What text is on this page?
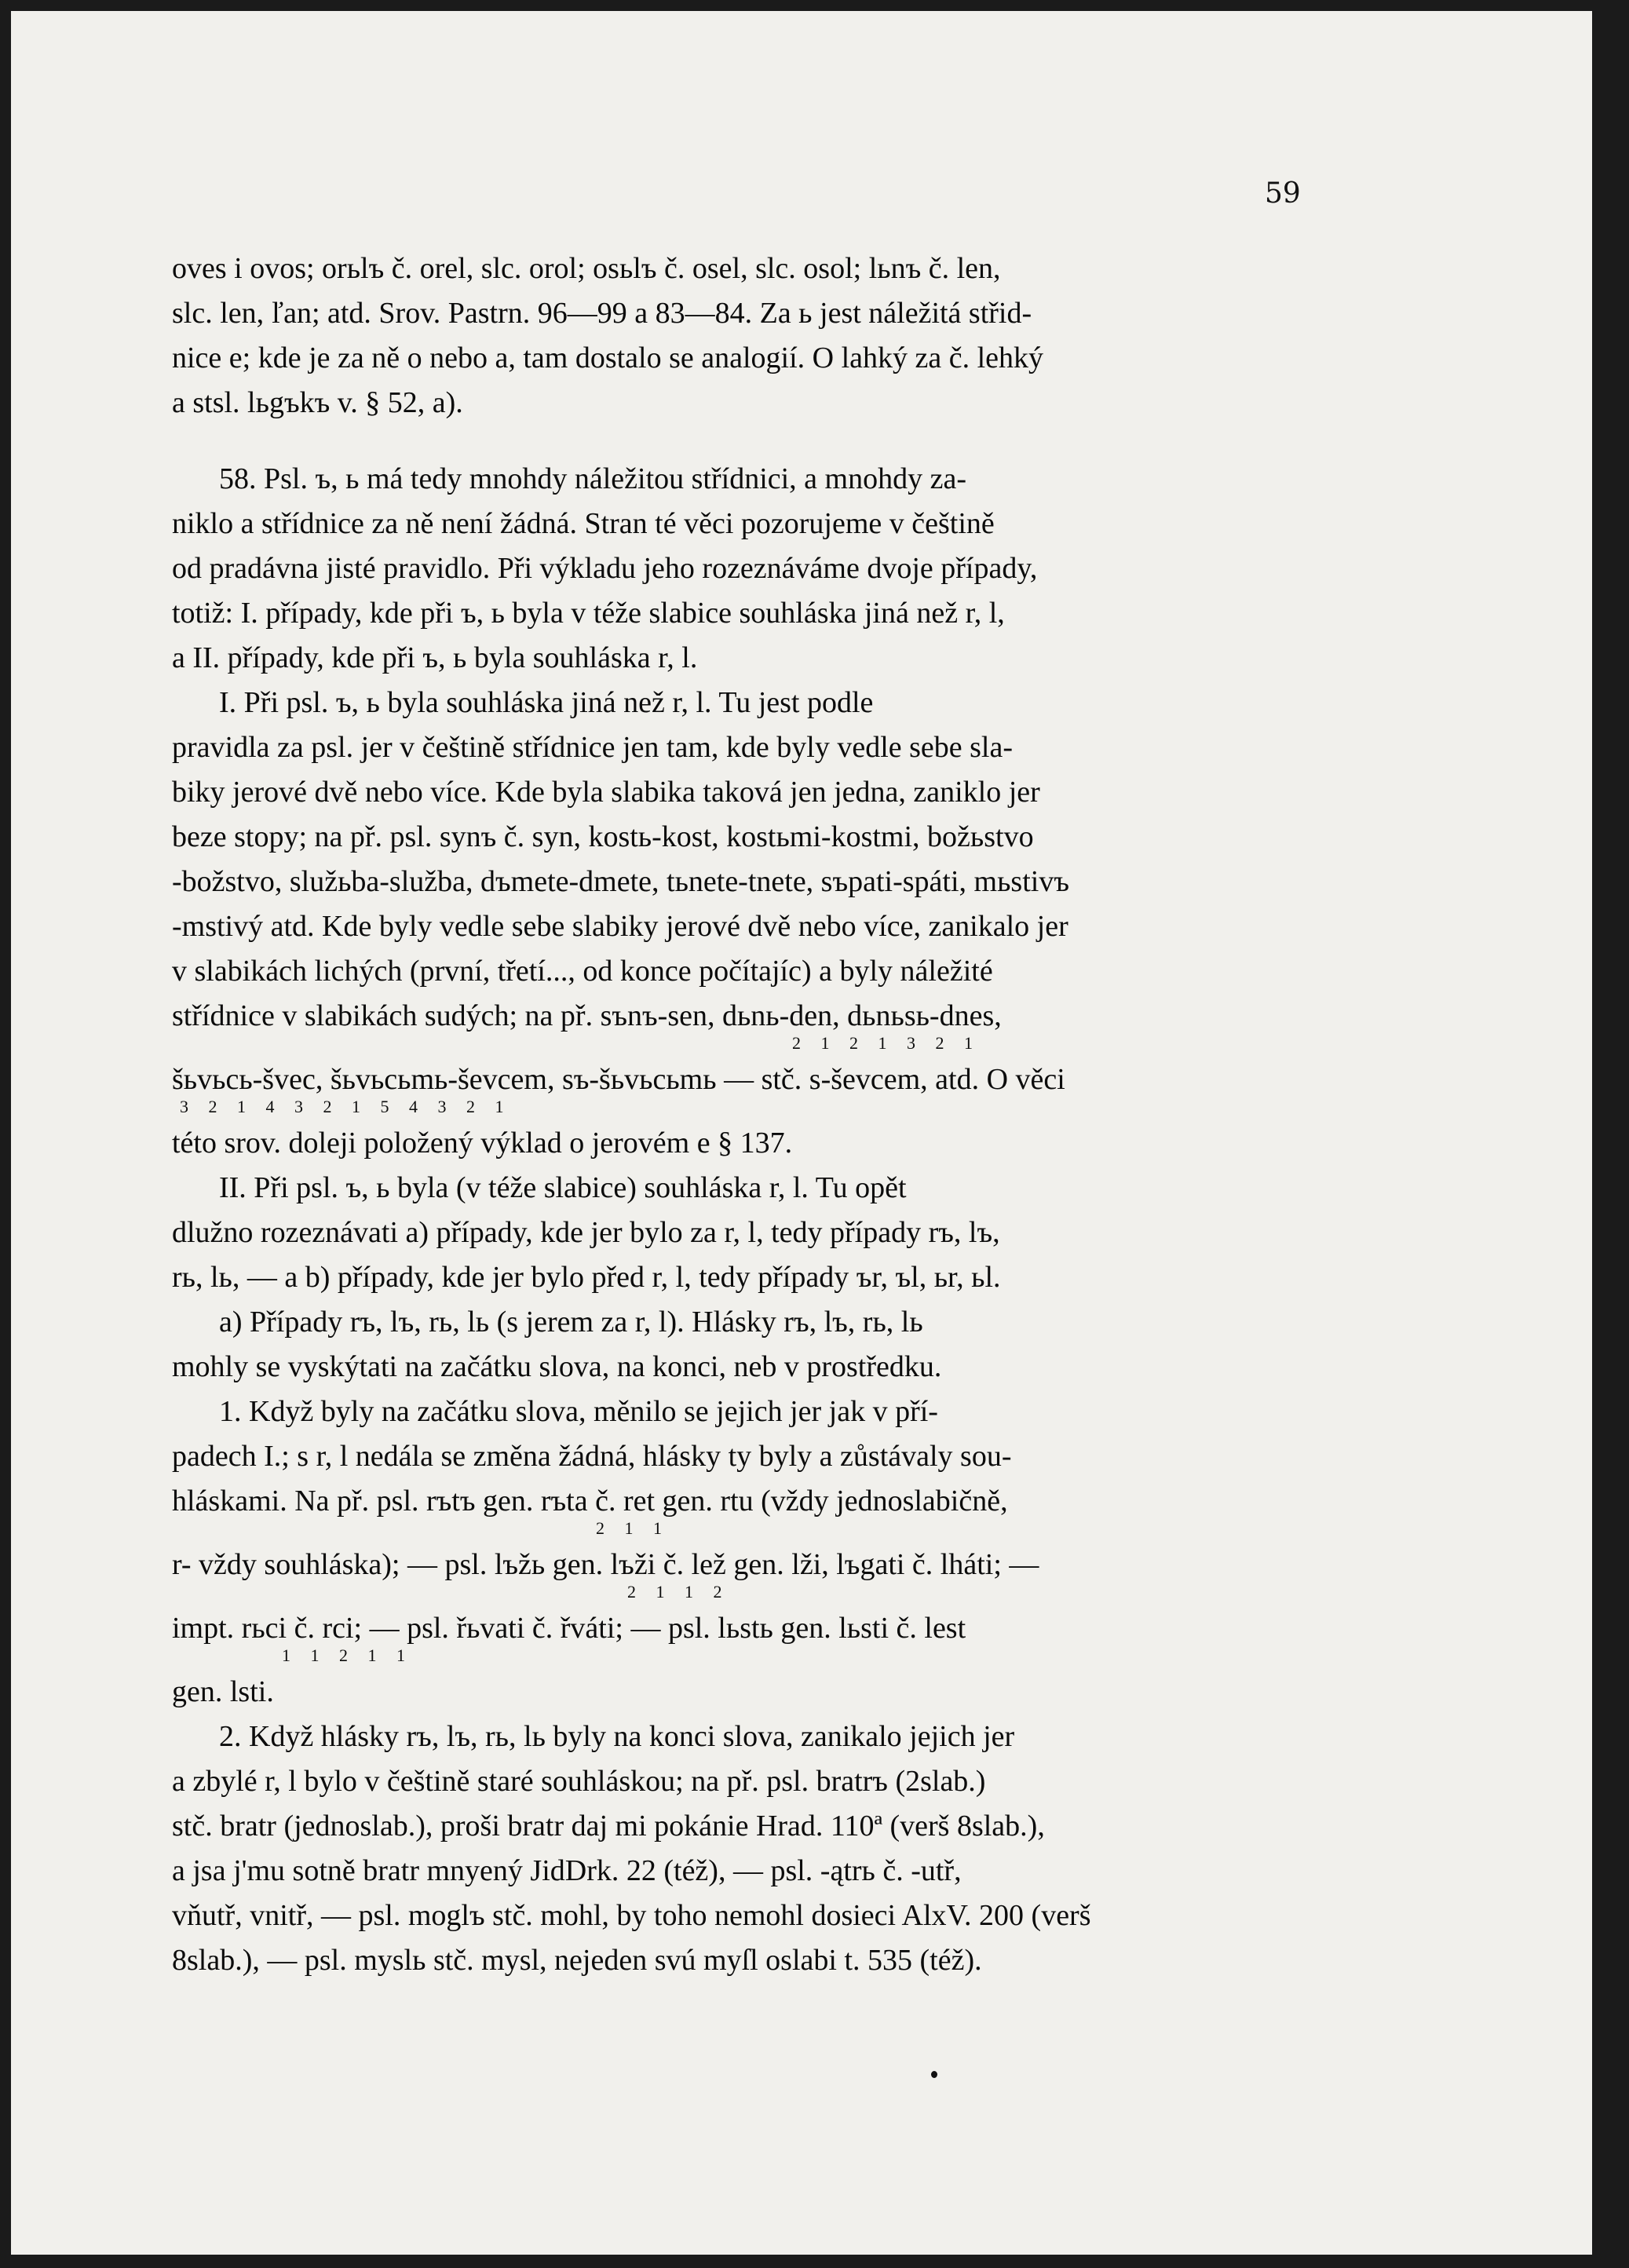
59
oves i ovos; orьlъ č. orel, slc. orol; osьlъ č. osel, slc. osol; lьnъ č. len,
slc. len, ľan; atd. Srov. Pastrn. 96—99 a 83—84. Za ь jest náležitá střid-
nice e; kde je za ně o nebo a, tam dostalo se analogií. O lahký za č. lehký
a stsl. lьgъkъ v. § 52, a).
58. Psl. ъ, ь má tedy mnohdy náležitou střídnici, a mnohdy za-
niklo a střídnice za ně není žádná. Stran té věci pozorujeme v češtině
od pradávna jisté pravidlo. Při výkladu jeho rozeznáváme dvoje případy,
totiž: I. případy, kde při ъ, ь byla v téže slabice souhláska jiná než r, l,
a II. případy, kde při ъ, ь byla souhláska r, l.
I. Při psl. ъ, ь byla souhláska jiná než r, l. Tu jest podle
pravidla za psl. jer v češtině střídnice jen tam, kde byly vedle sebe sla-
biky jerové dvě nebo více. Kde byla slabika taková jen jedna, zaniklo jer
beze stopy; na př. psl. synъ č. syn, kostь-kost, kostьmi-kostmi, božьstvo
-božstvo, služьba-služba, dъmete-dmete, tьnete-tnete, sъpati-spáti, mьstivъ
-mstivý atd. Kde byly vedle sebe slabiky jerové dvě nebo více, zanikalo jer
v slabikách lichých (první, třetí..., od konce počítajíc) a byly náležité
střídnice v slabikách sudých; na př. sъnъ-sen, dьnь-den, dьnьsь-dnes,
2 1 2 1 3 2 1
šьvьcь-švec, šьvьcьmь-ševcem, sъ-šьvьcьmь — stč. s-ševcem, atd. O věci
3 2 1 4 3 2 1 5 4 3 2 1
této srov. doleji položený výklad o jerovém e § 137.
II. Při psl. ъ, ь byla (v téže slabice) souhláska r, l. Tu opět
dlužno rozeznávati a) případy, kde jer bylo za r, l, tedy případy rъ, lъ,
rь, lь, — a b) případy, kde jer bylo před r, l, tedy případy ъr, ъl, ьr, ьl.
a) Případy rъ, lъ, rь, lь (s jerem za r, l). Hlásky rъ, lъ, rь, lь
mohly se vyskýtati na začátku slova, na konci, neb v prostředku.
1. Když byly na začátku slova, měnilo se jejich jer jak v pří-
padech I.; s r, l nedála se změna žádná, hlásky ty byly a zůstávaly sou-
hláskami. Na př. psl. rъtъ gen. rъta č. ret gen. rtu (vždy jednoslabičně,
2 1 1
r- vždy souhláska); — psl. lъžь gen. lъži č. lež gen. lži, lъgati č. lháti; —
2 1 1 2
impt. rьci č. rci; — psl. řьvati č. řváti; — psl. lьstь gen. lьsti č. lest
1 1 2 1 1
gen. lsti.
2. Když hlásky rъ, lъ, rь, lь byly na konci slova, zanikalo jejich jer
a zbylé r, l bylo v češtině staré souhláskou; na př. psl. bratrъ (2slab.)
stč. bratr (jednoslab.), proši bratr daj mi pokánie Hrad. 110ª (verš 8slab.),
a jsa j'mu sotně bratr mnyený JidDrk. 22 (též), — psl. -ątrь č. -utř,
vňutř, vnitř, — psl. moglъ stč. mohl, by toho nemohl dosieci AlxV. 200 (verš
8slab.), — psl. myslь stč. mysl, nejeden svú myſl oslabi t. 535 (též).
